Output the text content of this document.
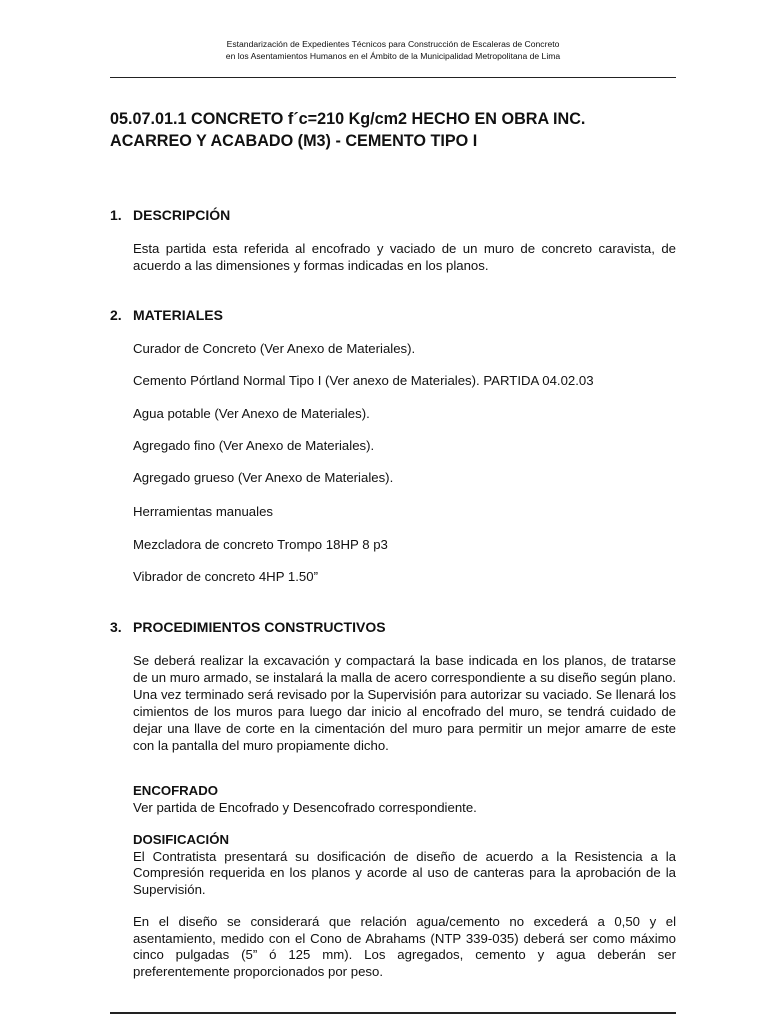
Estandarización de Expedientes Técnicos para Construcción de Escaleras de Concreto
en los Asentamientos Humanos en el Ámbito de la Municipalidad Metropolitana de Lima
05.07.01.1 CONCRETO f´c=210 Kg/cm2 HECHO EN OBRA INC.
ACARREO Y ACABADO (M3) - CEMENTO TIPO I
1. DESCRIPCIÓN
Esta partida esta referida al encofrado y vaciado de un muro de concreto caravista, de acuerdo a las dimensiones y formas indicadas en los planos.
2. MATERIALES
Curador de Concreto (Ver Anexo de Materiales).
Cemento Pórtland Normal Tipo I (Ver anexo de Materiales). PARTIDA 04.02.03
Agua potable (Ver Anexo de Materiales).
Agregado fino (Ver Anexo de Materiales).
Agregado grueso (Ver Anexo de Materiales).
Herramientas manuales
Mezcladora de concreto Trompo 18HP 8 p3
Vibrador de concreto 4HP 1.50”
3. PROCEDIMIENTOS CONSTRUCTIVOS
Se deberá realizar la excavación y compactará la base indicada en los planos, de tratarse de un muro armado, se instalará la malla de acero correspondiente a su diseño según plano. Una vez terminado será revisado por la Supervisión para autorizar su vaciado. Se llenará los cimientos de los muros para luego dar inicio al encofrado del muro, se tendrá cuidado de dejar una llave de corte en la cimentación del muro para permitir un mejor amarre de este con la pantalla del muro propiamente dicho.
ENCOFRADO
Ver partida de Encofrado y Desencofrado correspondiente.
DOSIFICACIÓN
El Contratista presentará su dosificación de diseño de acuerdo a la Resistencia a la Compresión requerida en los planos y acorde al uso de canteras para la aprobación de la Supervisión.
En el diseño se considerará que relación agua/cemento no excederá a 0,50 y el asentamiento, medido con el Cono de Abrahams (NTP 339-035) deberá ser como máximo cinco pulgadas (5” ó 125 mm). Los agregados, cemento y agua deberán ser preferentemente proporcionados por peso.
